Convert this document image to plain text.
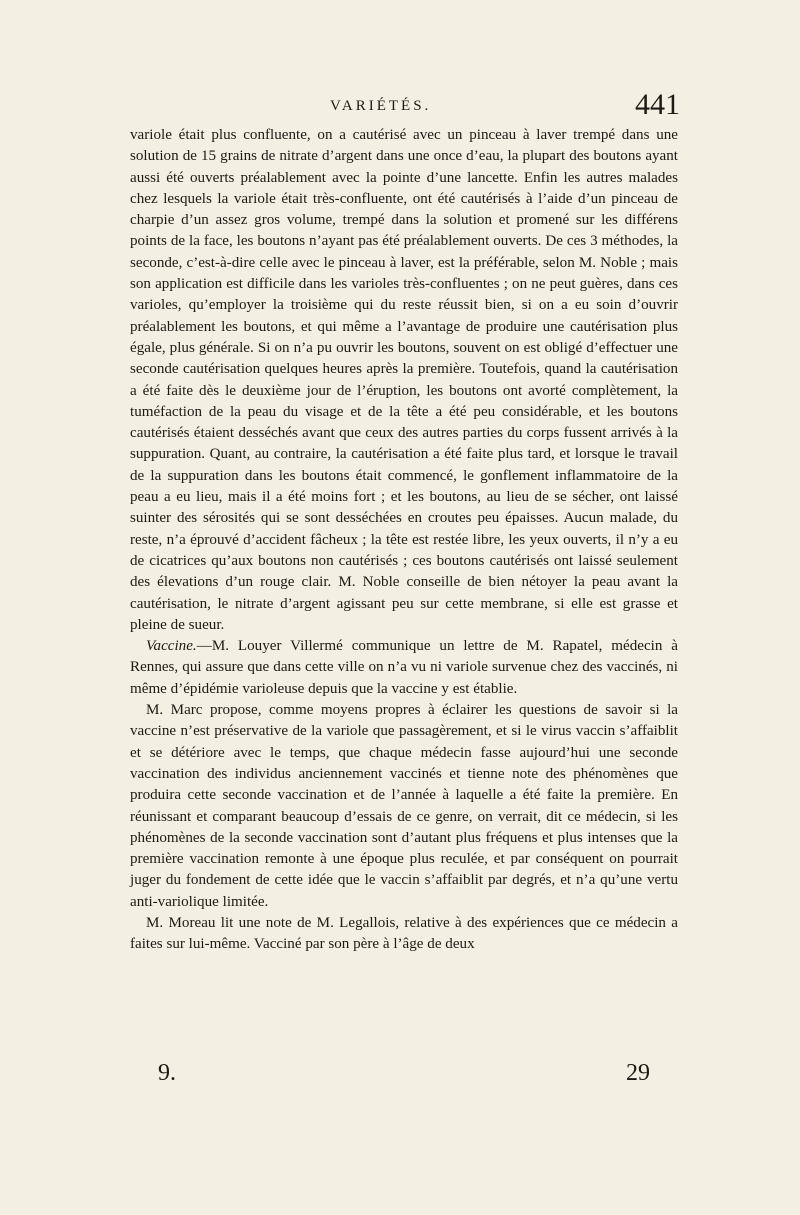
VARIÉTÉS.	441

variole était plus confluente, on a cautérisé avec un pinceau à laver trempé dans une solution de 15 grains de nitrate d’argent dans une once d’eau, la plupart des boutons ayant aussi été ouverts préalablement avec la pointe d’une lancette. Enfin les autres malades chez lesquels la variole était très-confluente, ont été cautérisés à l’aide d’un pinceau de charpie d’un assez gros volume, trempé dans la solution et promené sur les différens points de la face, les boutons n’ayant pas été préalablement ouverts. De ces 3 méthodes, la seconde, c’est-à-dire celle avec le pinceau à laver, est la préférable, selon M. Noble ; mais son application est difficile dans les varioles très-confluentes ; on ne peut guères, dans ces varioles, qu’employer la troisième qui du reste réussit bien, si on a eu soin d’ouvrir préalablement les boutons, et qui même a l’avantage de produire une cautérisation plus égale, plus générale. Si on n’a pu ouvrir les boutons, souvent on est obligé d’effectuer une seconde cautérisation quelques heures après la première. Toutefois, quand la cautérisation a été faite dès le deuxième jour de l’éruption, les boutons ont avorté complètement, la tuméfaction de la peau du visage et de la tête a été peu considérable, et les boutons cautérisés étaient desséchés avant que ceux des autres parties du corps fussent arrivés à la suppuration. Quant, au contraire, la cautérisation a été faite plus tard, et lorsque le travail de la suppuration dans les boutons était commencé, le gonflement inflammatoire de la peau a eu lieu, mais il a été moins fort ; et les boutons, au lieu de se sécher, ont laissé suinter des sérosités qui se sont desséchées en croutes peu épaisses. Aucun malade, du reste, n’a éprouvé d’accident fâcheux ; la tête est restée libre, les yeux ouverts, il n’y a eu de cicatrices qu’aux boutons non cautérisés ; ces boutons cautérisés ont laissé seulement des élevations d’un rouge clair. M. Noble conseille de bien nétoyer la peau avant la cautérisation, le nitrate d’argent agissant peu sur cette membrane, si elle est grasse et pleine de sueur.

Vaccine.—M. Louyer Villermé communique un lettre de M. Rapatel, médecin à Rennes, qui assure que dans cette ville on n’a vu ni variole survenue chez des vaccinés, ni même d’épidémie varioleuse depuis que la vaccine y est établie.

M. Marc propose, comme moyens propres à éclairer les questions de savoir si la vaccine n’est préservative de la variole que passagèrement, et si le virus vaccin s’affaiblit et se détériore avec le temps, que chaque médecin fasse aujourd’hui une seconde vaccination des individus anciennement vaccinés et tienne note des phénomènes que produira cette seconde vaccination et de l’année à laquelle a été faite la première. En réunissant et comparant beaucoup d’essais de ce genre, on verrait, dit ce médecin, si les phénomènes de la seconde vaccination sont d’autant plus fréquens et plus intenses que la première vaccination remonte à une époque plus reculée, et par conséquent on pourrait juger du fondement de cette idée que le vaccin s’affaiblit par degrés, et n’a qu’une vertu anti-variolique limitée.

M. Moreau lit une note de M. Legallois, relative à des expériences que ce médecin a faites sur lui-même. Vacciné par son père à l’âge de deux

9.	29
